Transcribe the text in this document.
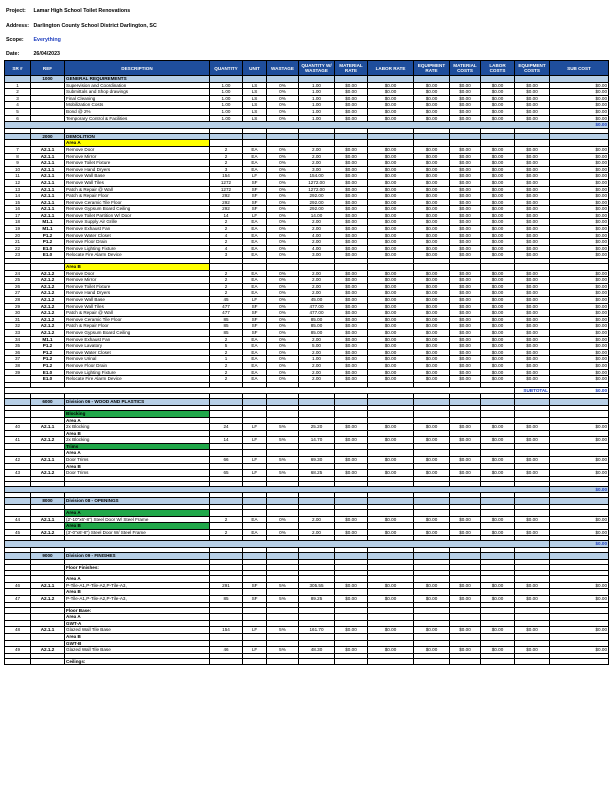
Project: Lamar High School Toilet Renovations
Address: Darlington County School District Darlington, SC
Scope: Everything
Date:	26/04/2023
SR #	REF	DESCRIPTION	QUANTITY	UNIT	WASTAGE	QUANTITY W/ WASTAGE	MATERIAL RATE	LABOR RATE	EQUIPMENT RATE	MATERIAL COSTS	LABOR COSTS	EQUIPMENT COSTS	SUB COST
	1000	GENERAL REQUIREMENTS											
1		Supervision and Coordination	1.00	LS	0%	1.00	$0.00	$0.00	$0.00	$0.00	$0.00	$0.00	$0.00
2		Submittals and Shop drawings	1.00	LS	0%	1.00	$0.00	$0.00	$0.00	$0.00	$0.00	$0.00	$0.00
3		Final Cleaning	1.00	LS	0%	1.00	$0.00	$0.00	$0.00	$0.00	$0.00	$0.00	$0.00
4		Mobilization Costs	1.00	LS	0%	1.00	$0.00	$0.00	$0.00	$0.00	$0.00	$0.00	$0.00
5		Bond @ 2%	1.00	LS	0%	1.00	$0.00	$0.00	$0.00	$0.00	$0.00	$0.00	$0.00
6		Temporary Control & Facilities	1.00	LS	0%	1.00	$0.00	$0.00	$0.00	$0.00	$0.00	$0.00	$0.00
													$0.00

	2000	DEMOLITION											
		Area A											
7	A2.1.1	Remove Door	2	EA	0%	2.00	$0.00	$0.00	$0.00	$0.00	$0.00	$0.00	$0.00
8	A2.1.1	Remove Mirror	2	EA	0%	2.00	$0.00	$0.00	$0.00	$0.00	$0.00	$0.00	$0.00
9	A2.1.1	Remove Toilet Fixture	2	EA	0%	2.00	$0.00	$0.00	$0.00	$0.00	$0.00	$0.00	$0.00
10	A2.1.1	Remove Hand Dryers	3	EA	0%	3.00	$0.00	$0.00	$0.00	$0.00	$0.00	$0.00	$0.00
11	A2.1.1	Remove Wall Base	154	LF	0%	154.00	$0.00	$0.00	$0.00	$0.00	$0.00	$0.00	$0.00
12	A2.1.1	Remove Wall Tiles	1272	SF	0%	1272.00	$0.00	$0.00	$0.00	$0.00	$0.00	$0.00	$0.00
13	A2.1.1	Patch & Repair @ Wall	1272	SF	0%	1272.00	$0.00	$0.00	$0.00	$0.00	$0.00	$0.00	$0.00
14	A2.1.1	Patch & Repair Floor	292	SF	0%	292.00	$0.00	$0.00	$0.00	$0.00	$0.00	$0.00	$0.00
15	A2.1.1	Remove Ceramic Tile Floor	292	SF	0%	292.00	$0.00	$0.00	$0.00	$0.00	$0.00	$0.00	$0.00
16	A2.1.1	Remove Gypsum Board Ceiling	292	SF	0%	292.00	$0.00	$0.00	$0.00	$0.00	$0.00	$0.00	$0.00
17	A2.1.1	Remove Toilet Partition W/ Door	14	LF	0%	14.00	$0.00	$0.00	$0.00	$0.00	$0.00	$0.00	$0.00
18	M1.1	Remove Supply Air Grille	2	EA	0%	2.00	$0.00	$0.00	$0.00	$0.00	$0.00	$0.00	$0.00
19	M1.1	Remove Exhaust Fan	2	EA	0%	2.00	$0.00	$0.00	$0.00	$0.00	$0.00	$0.00	$0.00
20	P1.2	Remove Water Closet	4	EA	0%	4.00	$0.00	$0.00	$0.00	$0.00	$0.00	$0.00	$0.00
21	P1.2	Remove Floor Drain	2	EA	0%	2.00	$0.00	$0.00	$0.00	$0.00	$0.00	$0.00	$0.00
22	E1.0	Remove Lighting Fixture	4	EA	0%	4.00	$0.00	$0.00	$0.00	$0.00	$0.00	$0.00	$0.00
23	E1.0	Relocate Fire Alarm Device	3	EA	0%	3.00	$0.00	$0.00	$0.00	$0.00	$0.00	$0.00	$0.00

		Area B											
24	A2.1.2	Remove Door	2	EA	0%	2.00	$0.00	$0.00	$0.00	$0.00	$0.00	$0.00	$0.00
25	A2.1.2	Remove Mirror	2	EA	0%	2.00	$0.00	$0.00	$0.00	$0.00	$0.00	$0.00	$0.00
26	A2.1.2	Remove Toilet Fixture	2	EA	0%	2.00	$0.00	$0.00	$0.00	$0.00	$0.00	$0.00	$0.00
27	A2.1.2	Remove Hand Dryers	2	EA	0%	2.00	$0.00	$0.00	$0.00	$0.00	$0.00	$0.00	$0.00
28	A2.1.2	Remove Wall Base	45	LF	0%	45.00	$0.00	$0.00	$0.00	$0.00	$0.00	$0.00	$0.00
29	A2.1.2	Remove Wall Tiles	477	SF	0%	477.00	$0.00	$0.00	$0.00	$0.00	$0.00	$0.00	$0.00
30	A2.1.2	Patch & Repair @ Wall	477	SF	0%	477.00	$0.00	$0.00	$0.00	$0.00	$0.00	$0.00	$0.00
31	A2.1.2	Remove Ceramic Tile Floor	85	SF	0%	85.00	$0.00	$0.00	$0.00	$0.00	$0.00	$0.00	$0.00
32	A2.1.2	Patch & Repair Floor	85	SF	0%	85.00	$0.00	$0.00	$0.00	$0.00	$0.00	$0.00	$0.00
33	A2.1.2	Remove Gypsum Board Ceiling	85	SF	0%	85.00	$0.00	$0.00	$0.00	$0.00	$0.00	$0.00	$0.00
34	M1.1	Remove Exhaust Fan	2	EA	0%	2.00	$0.00	$0.00	$0.00	$0.00	$0.00	$0.00	$0.00
35	P1.2	Remove Lavatory	5	EA	0%	5.00	$0.00	$0.00	$0.00	$0.00	$0.00	$0.00	$0.00
36	P1.2	Remove Water Closet	2	EA	0%	2.00	$0.00	$0.00	$0.00	$0.00	$0.00	$0.00	$0.00
37	P1.2	Remove Urinal	1	EA	0%	1.00	$0.00	$0.00	$0.00	$0.00	$0.00	$0.00	$0.00
38	P1.2	Remove Floor Drain	2	EA	0%	2.00	$0.00	$0.00	$0.00	$0.00	$0.00	$0.00	$0.00
39	E1.0	Remove Lighting Fixture	2	EA	0%	2.00	$0.00	$0.00	$0.00	$0.00	$0.00	$0.00	$0.00
	E1.0	Relocate Fire Alarm Device	2	EA	0%	2.00	$0.00	$0.00	$0.00	$0.00	$0.00	$0.00	$0.00

												SUBTOTAL	$0.00

	6000	Division 06 - WOOD AND PLASTICS											

		Blocking											
		Area A											
40	A2.1.1	2x Blocking	24	LF	5%	25.20	$0.00	$0.00	$0.00	$0.00	$0.00	$0.00	$0.00
		Area B											
41	A2.1.2	2x Blocking	14	LF	5%	14.70	$0.00	$0.00	$0.00	$0.00	$0.00	$0.00	$0.00
		Trims											
		Area A											
42	A2.1.1	Door Trims	66	LF	5%	69.30	$0.00	$0.00	$0.00	$0.00	$0.00	$0.00	$0.00
		Area B											
43	A2.1.2	Door Trims	65	LF	5%	68.25	$0.00	$0.00	$0.00	$0.00	$0.00	$0.00	$0.00

													$0.00

	8000	Division 08 - OPENINGS											

		Area A											
44	A2.1.1	(2'-10"x6'-8") Steel Door W/ Steel Frame	2	EA	0%	2.00	$0.00	$0.00	$0.00	$0.00	$0.00	$0.00	$0.00
		Area B											
45	A2.1.2	(3'-0"x6'-8") Steel Door W/ Steel Frame	2	EA	0%	2.00	$0.00	$0.00	$0.00	$0.00	$0.00	$0.00	$0.00

													$0.00

	9000	Division 09 - FINISHES											

		Floor Finishes:											

		Area A											
46	A2.1.1	P-Tile-A1,P-Tile-A2,P-Tile-A3,	291	SF	5%	305.55	$0.00	$0.00	$0.00	$0.00	$0.00	$0.00	$0.00
		Area B											
47	A2.1.2	P-Tile-A1,P-Tile-A2,P-Tile-A3,	85	SF	5%	89.25	$0.00	$0.00	$0.00	$0.00	$0.00	$0.00	$0.00

		Floor Base:											
		Area A											
		GWT-A											
48	A2.1.1	Glazed Wall Tile Base	154	LF	5%	161.70	$0.00	$0.00	$0.00	$0.00	$0.00	$0.00	$0.00
		Area B											
		GWT-B											
49	A2.1.2	Glazed Wall Tile Base	46	LF	5%	48.30	$0.00	$0.00	$0.00	$0.00	$0.00	$0.00	$0.00

		Ceilings:											
